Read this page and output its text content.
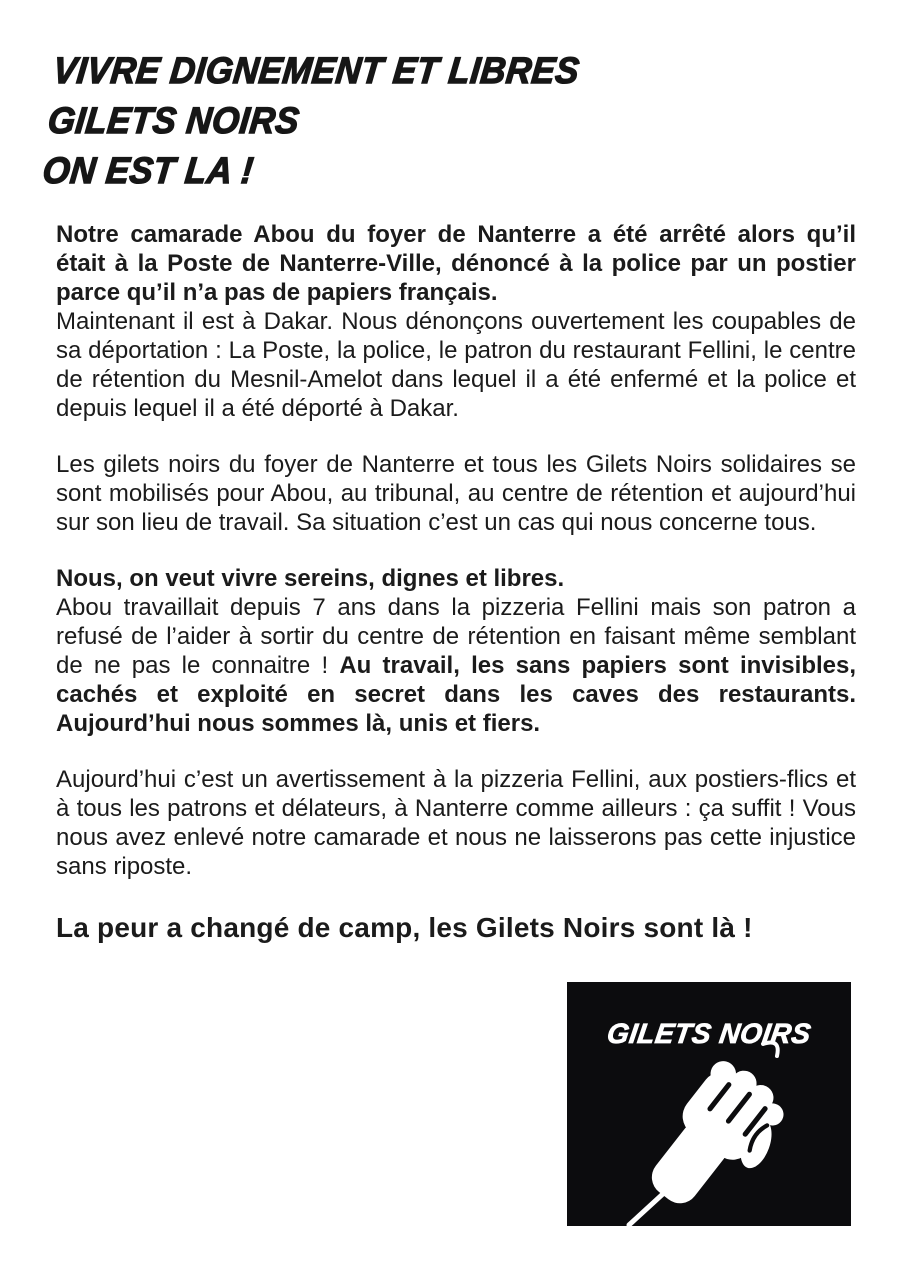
VIVRE DIGNEMENT ET LIBRES
GILETS NOIRS
ON EST LA !

Notre camarade Abou du foyer de Nanterre a été arrêté alors qu’il était à la Poste de Nanterre-Ville, dénoncé à la police par un postier parce qu’il n’a pas de papiers français.

Maintenant il est à Dakar. Nous dénonçons ouvertement les coupables de sa déportation : La Poste, la police, le patron du restaurant Fellini, le centre de rétention du Mesnil-Amelot dans lequel il a été enfermé et la police et depuis lequel il a été déporté à Dakar.

Les gilets noirs du foyer de Nanterre et tous les Gilets Noirs solidaires se sont mobilisés pour Abou, au tribunal, au centre de rétention et aujourd’hui sur son lieu de travail. Sa situation c’est un cas qui nous concerne tous.

Nous, on veut vivre sereins, dignes et libres.

Abou travaillait depuis 7 ans dans la pizzeria Fellini mais son patron a refusé de l’aider à sortir du centre de rétention en faisant même semblant de ne pas le connaitre ! Au travail, les sans papiers sont invisibles, cachés et exploité en secret dans les caves des restaurants. Aujourd’hui nous sommes là, unis et fiers.

Aujourd’hui c’est un avertissement à la pizzeria Fellini, aux postiers-flics et à tous les patrons et délateurs, à Nanterre comme ailleurs : ça suffit ! Vous nous avez enlevé notre camarade et nous ne laisserons pas cette injustice sans riposte.

La peur a changé de camp, les Gilets Noirs sont là !
GILETS NOIRS
